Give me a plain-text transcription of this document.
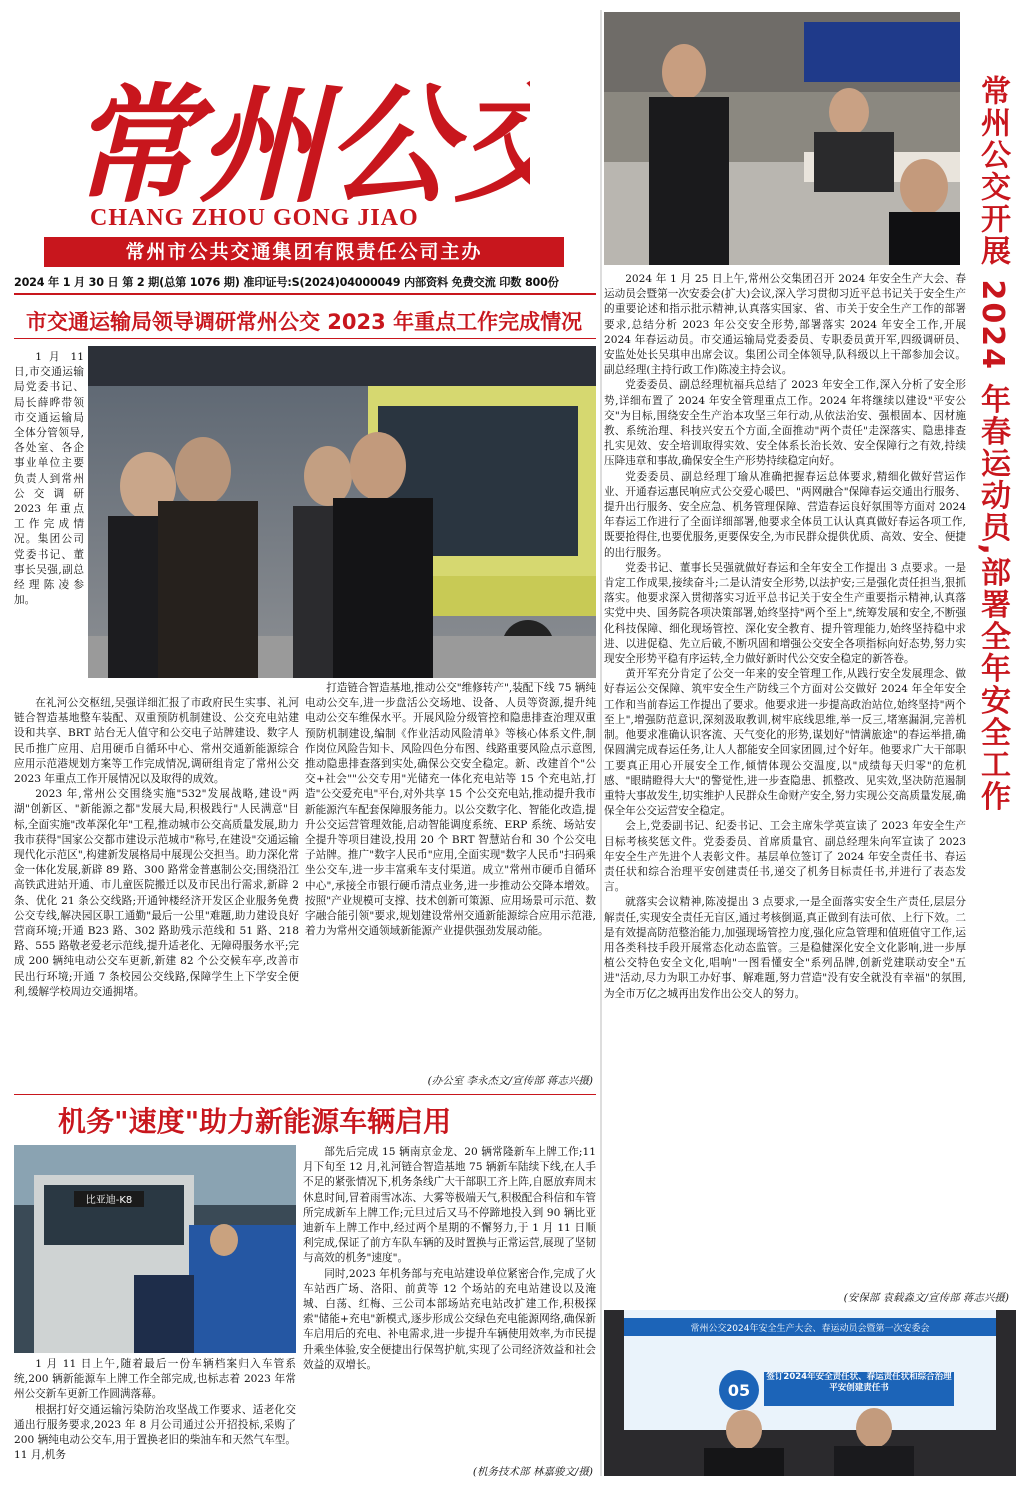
常州公
CHANG ZHOU GONG JIAO
常州市公共交通集团有限责任公司主办
2024 年 1 月 30 日 第 2 期(总第 1076 期) 准印证号:S(2024)04000049 内部资料 免费交流 印数 800份
市交通运输局领导调研常州公交 2023 年重点工作完成情况

1 月 11 日,市交通运输局党委书记、局长薛晔带领市交通运输局全体分管领导,各处室、各企事业单位主要负责人到常州公交调研 2023 年重点工作完成情况。集团公司党委书记、董事长吴强,副总经理陈凌参加。

在礼河公交枢纽,吴强详细汇报了市政府民生实事、礼河链合智造基地整车装配、双重预防机制建设、公交充电站建设和共享、BRT 站台无人值守和公交电子站牌建设、数字人民币推广应用、启用硬币自循环中心、常州交通新能源综合应用示范港规划方案等工作完成情况,调研组肯定了常州公交 2023 年重点工作开展情况以及取得的成效。

2023 年,常州公交围绕实施"532"发展战略,建设"两湖"创新区、"新能源之都"发展大局,积极践行"人民满意"目标,全面实施"改革深化年"工程,推动城市公交高质量发展,助力我市获得"国家公交都市建设示范城市"称号,在建设"交通运输现代化示范区",构建新发展格局中展现公交担当。助力深化常金一体化发展,新辟 89 路、300 路常金普惠制公交;围绕沿江高铁武进站开通、市儿童医院搬迁以及市民出行需求,新辟 2 条、优化 21 条公交线路;开通钟楼经济开发区企业服务免费公交专线,解决园区职工通勤"最后一公里"难题,助力建设良好营商环境;开通 B23 路、302 路助残示范线和 51 路、218 路、555 路敬老爱老示范线,提升适老化、无障碍服务水平;完成 200 辆纯电动公交车更新,新建 82 个公交候车亭,改善市民出行环境;开通 7 条校园公交线路,保障学生上下学安全便利,缓解学校周边交通拥堵。

打造链合智造基地,推动公交"维修转产",装配下线 75 辆纯电动公交车,进一步盘活公交场地、设备、人员等资源,提升纯电动公交车维保水平。开展风险分级管控和隐患排查治理双重预防机制建设,编制《作业活动风险清单》等核心体系文件,制作岗位风险告知卡、风险四色分布图、线路重要风险点示意图,推动隐患排查落到实处,确保公交安全稳定。新、改建首个"公交+社会""公交专用"光储充一体化充电站等 15 个充电站,打造"公交爱充电"平台,对外共享 15 个公交充电站,推动提升我市新能源汽车配套保障服务能力。以公交数字化、智能化改造,提升公交运营管理效能,启动智能调度系统、ERP 系统、场站安全提升等项目建设,投用 20 个 BRT 智慧站台和 30 个公交电子站牌。推广"数字人民币"应用,全面实现"数字人民币"扫码乘坐公交车,进一步丰富乘车支付渠道。成立"常州市硬币自循环中心",承接全市银行硬币清点业务,进一步推动公交降本增效。按照"产业规模可支撑、技术创新可策源、应用场景可示范、数字融合能引领"要求,规划建设常州交通新能源综合应用示范港,着力为常州交通领域新能源产业提供强劲发展动能。

(办公室 李永杰文/宣传部 蒋志兴摄)
机务"速度"助力新能源车辆启用
比亚迪-K8

1 月 11 日上午,随着最后一份车辆档案归入车管系统,200 辆新能源车上牌工作全部完成,也标志着 2023 年常州公交新车更新工作圆满落幕。

根据打好交通运输污染防治攻坚战工作要求、适老化交通出行服务要求,2023 年 8 月公司通过公开招投标,采购了 200 辆纯电动公交车,用于置换老旧的柴油车和天然气车型。11 月,机务

部先后完成 15 辆南京金龙、20 辆常隆新车上牌工作;11 月下旬至 12 月,礼河链合智造基地 75 辆新车陆续下线,在人手不足的紧张情况下,机务条线广大干部职工齐上阵,自愿放弃周末休息时间,冒着雨雪冰冻、大雾等极端天气,积极配合科信和车管所完成新车上牌工作;元旦过后又马不停蹄地投入到 90 辆比亚迪新车上牌工作中,经过两个星期的不懈努力,于 1 月 11 日顺利完成,保证了前方车队车辆的及时置换与正常运营,展现了坚韧与高效的机务"速度"。

同时,2023 年机务部与充电站建设单位紧密合作,完成了火车站西广场、洛阳、前黄等 12 个场站的充电站建设以及淹城、白荡、红梅、三公司本部场站充电站改扩建工作,积极探索"储能+充电"新模式,逐步形成公交绿色充电能源网络,确保新车启用后的充电、补电需求,进一步提升车辆使用效率,为市民提升乘坐体验,安全便捷出行保驾护航,实现了公司经济效益和社会效益的双增长。

(机务技术部 林嘉骏文/摄)
常州公交开展 2024 年春运动员,部署全年安全工作

2024 年 1 月 25 日上午,常州公交集团召开 2024 年安全生产大会、春运动员会暨第一次安委会(扩大)会议,深入学习贯彻习近平总书记关于安全生产的重要论述和指示批示精神,认真落实国家、省、市关于安全生产工作的部署要求,总结分析 2023 年公交安全形势,部署落实 2024 年安全工作,开展 2024 年春运动员。市交通运输局党委委员、专职委员黄开军,四级调研员、安监处处长吴琪申出席会议。集团公司全体领导,队科级以上干部参加会议。副总经理(主持行政工作)陈凌主持会议。

党委委员、副总经理杭福兵总结了 2023 年安全工作,深入分析了安全形势,详细布置了 2024 年安全管理重点工作。2024 年将继续以建设"平安公交"为目标,围绕安全生产治本攻坚三年行动,从依法治安、强根固本、因材施教、系统治理、科技兴安五个方面,全面推动"两个责任"走深落实、隐患排查扎实见效、安全培训取得实效、安全体系长治长效、安全保障行之有效,持续压降违章和事故,确保安全生产形势持续稳定向好。

党委委员、副总经理丁瑜从准确把握春运总体要求,精细化做好营运作业、开通春运惠民响应式公交爱心暖巴、"两网融合"保障春运交通出行服务、提升出行服务、安全应急、机务管理保障、营造春运良好氛围等方面对 2024 年春运工作进行了全面详细部署,他要求全体员工认认真真做好春运各项工作,既要抢得住,也要优服务,更要保安全,为市民群众提供优质、高效、安全、便捷的出行服务。

党委书记、董事长吴强就做好春运和全年安全工作提出 3 点要求。一是肯定工作成果,接续奋斗;二是认清安全形势,以法护安;三是强化责任担当,狠抓落实。他要求深入贯彻落实习近平总书记关于安全生产重要指示精神,认真落实党中央、国务院各项决策部署,始终坚持"两个至上",统筹发展和安全,不断强化科技保障、细化现场管控、深化安全教育、提升管理能力,始终坚持稳中求进、以进促稳、先立后破,不断巩固和增强公交安全各项指标向好态势,努力实现安全形势平稳有序运转,全力做好新时代公交安全稳定的新答卷。

黄开军充分肯定了公交一年来的安全管理工作,从践行安全发展理念、做好春运公交保障、筑牢安全生产防线三个方面对公交做好 2024 年全年安全工作和当前春运工作提出了要求。他要求进一步提高政治站位,始终坚持"两个至上",增强防范意识,深刻汲取教训,树牢底线思维,举一反三,堵塞漏洞,完善机制。他要求准确认识客流、天气变化的形势,谋划好"情满旅途"的春运举措,确保圆满完成春运任务,让人人都能安全回家团圆,过个好年。他要求广大干部职工要真正用心开展安全工作,倾情体现公交温度,以"成绩每天归零"的危机感、"眼睛瞪得大大"的警觉性,进一步查隐患、抓整改、见实效,坚决防范遏制重特大事故发生,切实维护人民群众生命财产安全,努力实现公交高质量发展,确保全年公交运营安全稳定。

会上,党委副书记、纪委书记、工会主席朱学英宣读了 2023 年安全生产目标考核奖惩文件。党委委员、首席质量官、副总经理朱向军宣读了 2023 年安全生产先进个人表彰文件。基层单位签订了 2024 年安全责任书、春运责任状和综合治理平安创建责任书,递交了机务目标责任书,并进行了表态发言。

就落实会议精神,陈凌提出 3 点要求,一是全面落实安全生产责任,层层分解责任,实现安全责任无盲区,通过考核倒逼,真正做到有法可依、上行下效。二是有效提高防范整治能力,加强现场管控力度,强化应急管理和值班值守工作,运用各类科技手段开展常态化动态监管。三是稳健深化安全文化影响,进一步厚植公交特色安全文化,唱响"一图看懂安全"系列品牌,创新党建联动安全"五进"活动,尽力为职工办好事、解难题,努力营造"没有安全就没有幸福"的氛围,为全市万亿之城再出发作出公交人的努力。

(安保部 袁载淼文/宣传部 蒋志兴摄)
常州公交2024年安全生产大会、春运动员会暨第一次安委会
05
签订2024年安全责任状、春运责任状和综合治理平安创建责任书
